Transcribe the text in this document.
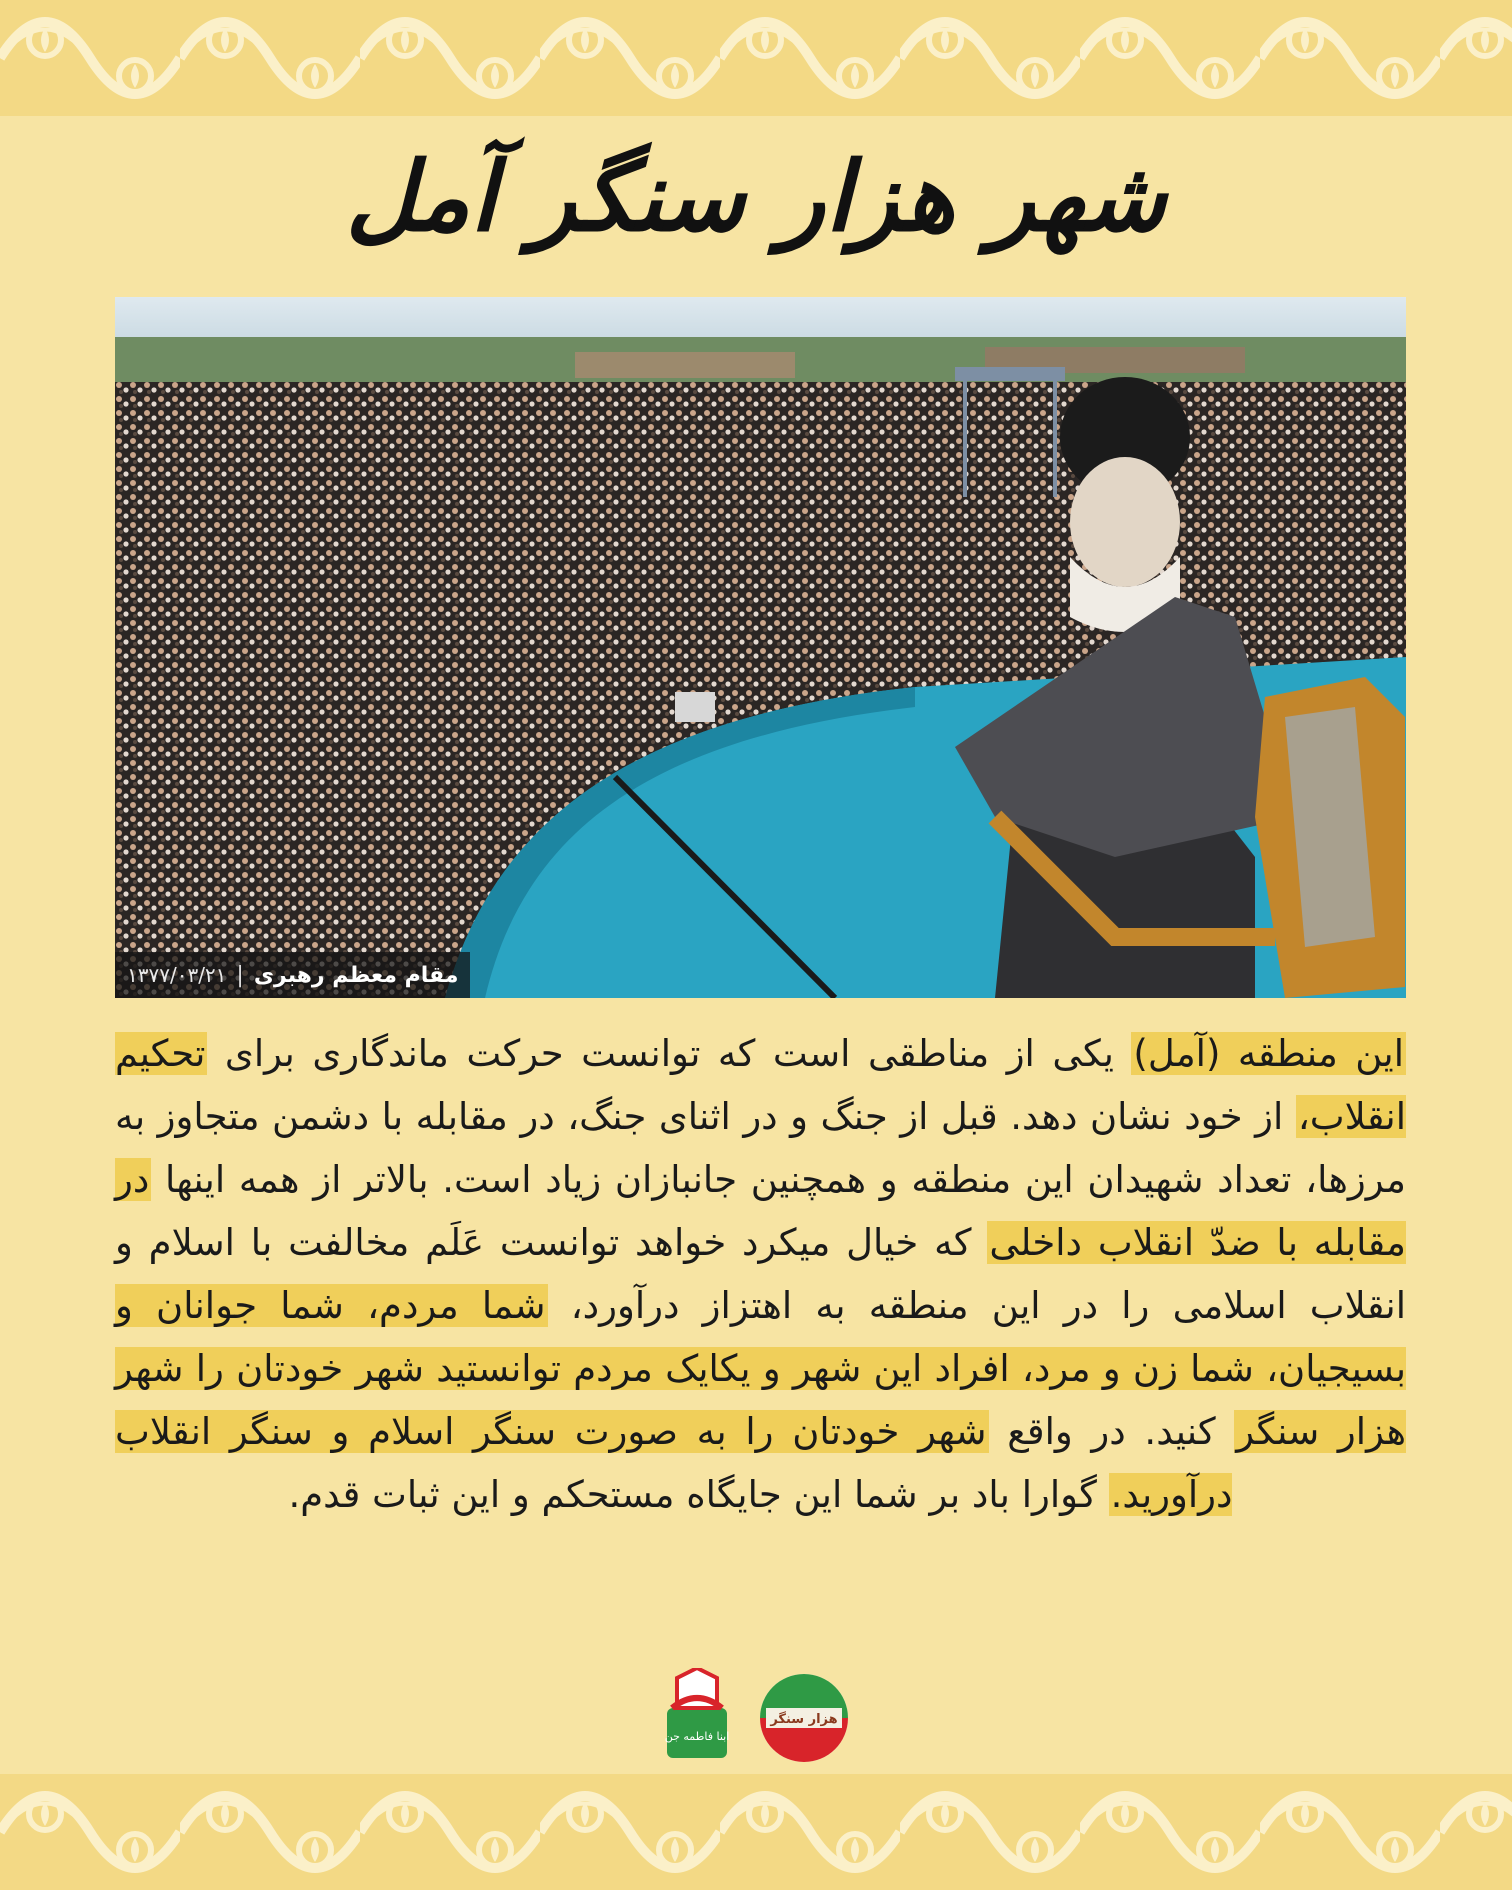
شهر هزار سنگر آمل
مقام معظم رهبری
|
۱۳۷۷/۰۳/۲۱
این منطقه (آمل) یکی از مناطقی است که توانست حرکت ماندگاری برای تحکیم انقلاب، از خود نشان دهد. قبل از جنگ و در اثنای جنگ، در مقابله با دشمن متجاوز به مرزها، تعداد شهیدان این منطقه و همچنین جانبازان زیاد است. بالاتر از همه اینها در مقابله با ضدّ انقلاب داخلی که خیال میکرد خواهد توانست عَلَم مخالفت با اسلام و انقلاب اسلامی را در این منطقه به اهتزاز درآورد، شما مردم، شما جوانان و بسیجیان، شما زن و مرد، افراد این شهر و یکایک مردم توانستید شهر خودتان را شهر هزار سنگر کنید. در واقع شهر خودتان را به صورت سنگر اسلام و سنگر انقلاب درآورید. گوارا باد بر شما این جایگاه مستحکم و این ثبات قدم.
ابنا فاطمه جن
هزار سنگر
